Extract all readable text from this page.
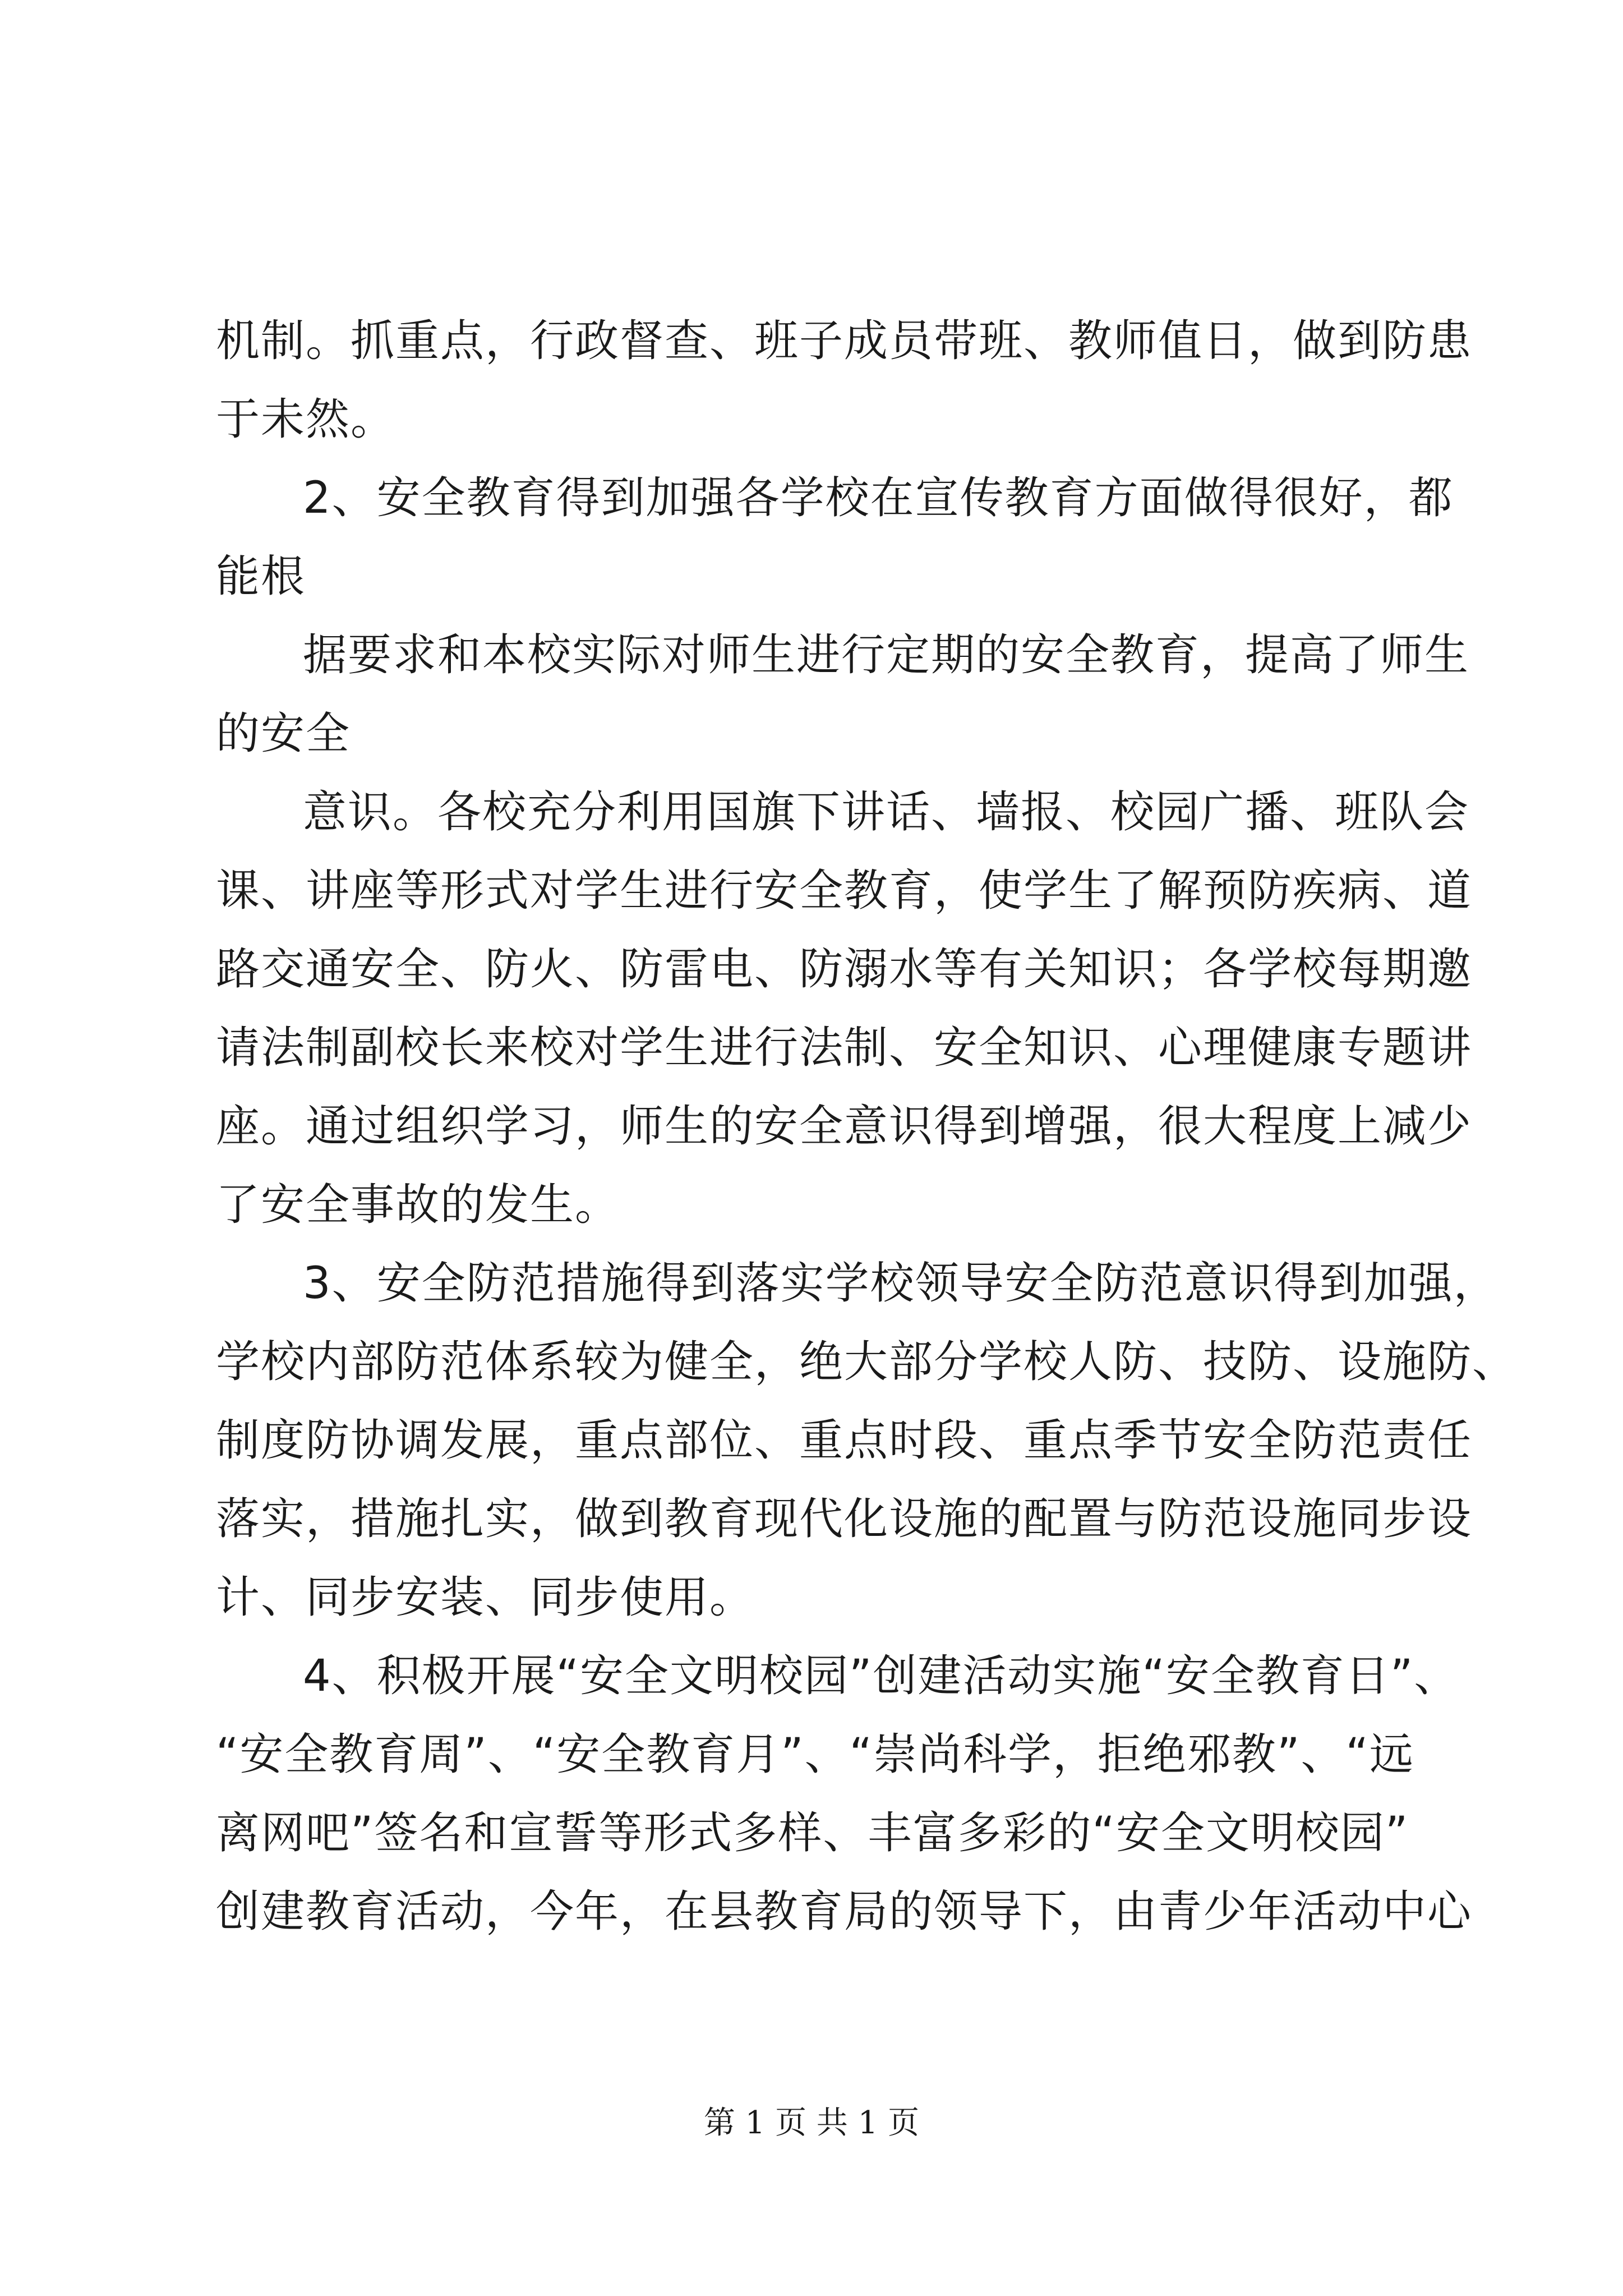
机制。抓重点，行政督查、班子成员带班、教师值日，做到防患
于未然。
2、安全教育得到加强各学校在宣传教育方面做得很好，都
能根
据要求和本校实际对师生进行定期的安全教育，提高了师生
的安全
意识。各校充分利用国旗下讲话、墙报、校园广播、班队会
课、讲座等形式对学生进行安全教育，使学生了解预防疾病、道
路交通安全、防火、防雷电、防溺水等有关知识；各学校每期邀
请法制副校长来校对学生进行法制、安全知识、心理健康专题讲
座。通过组织学习，师生的安全意识得到增强，很大程度上减少
了安全事故的发生。
3、安全防范措施得到落实学校领导安全防范意识得到加强，
学校内部防范体系较为健全，绝大部分学校人防、技防、设施防、
制度防协调发展，重点部位、重点时段、重点季节安全防范责任
落实，措施扎实，做到教育现代化设施的配置与防范设施同步设
计、同步安装、同步使用。
4、积极开展“安全文明校园”创建活动实施“安全教育日”、
“安全教育周”、“安全教育月”、“崇尚科学，拒绝邪教”、“远
离网吧”签名和宣誓等形式多样、丰富多彩的“安全文明校园”
创建教育活动，今年，在县教育局的领导下，由青少年活动中心
第 1 页 共 1 页
